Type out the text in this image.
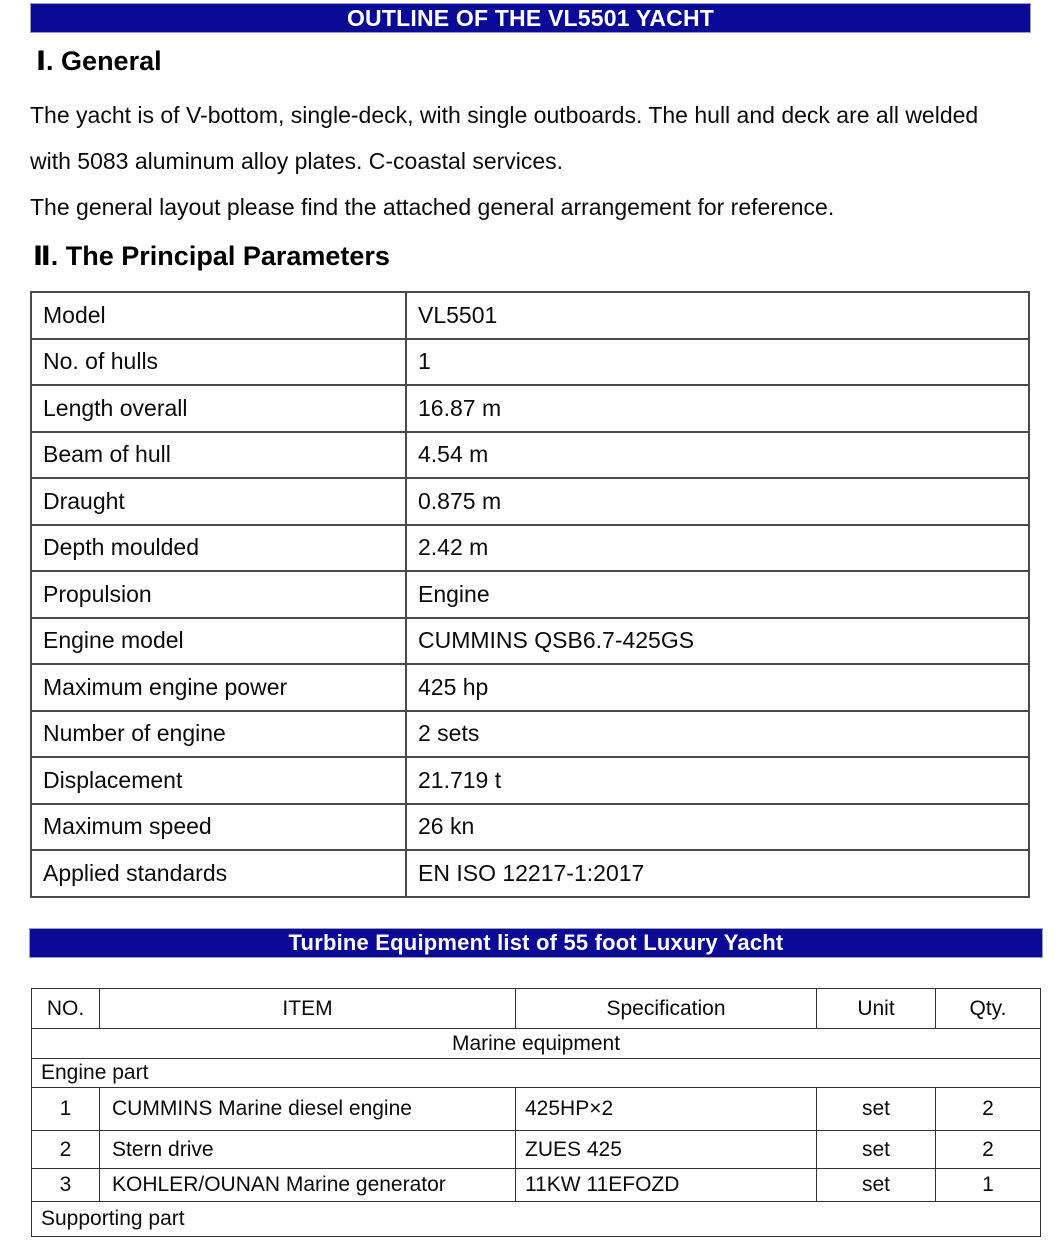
OUTLINE OF THE VL5501 YACHT
Ⅰ. General
The yacht is of V-bottom, single-deck, with single outboards. The hull and deck are all welded
with 5083 aluminum alloy plates. C-coastal services.
The general layout please find the attached general arrangement for reference.
Ⅱ. The Principal Parameters
Model	VL5501
No. of hulls	1
Length overall	16.87 m
Beam of hull	4.54 m
Draught	0.875 m
Depth moulded	2.42 m
Propulsion	Engine
Engine model	CUMMINS QSB6.7-425GS
Maximum engine power	425 hp
Number of engine	2 sets
Displacement	21.719 t
Maximum speed	26 kn
Applied standards	EN ISO 12217-1:2017
Turbine Equipment list of 55 foot Luxury Yacht
NO.	ITEM	Specification	Unit	Qty.
Marine equipment				
Engine part				
1	CUMMINS Marine diesel engine	425HP×2	set	2
2	Stern drive	ZUES 425	set	2
3	KOHLER/OUNAN Marine generator	11KW 11EFOZD	set	1
Supporting part				
